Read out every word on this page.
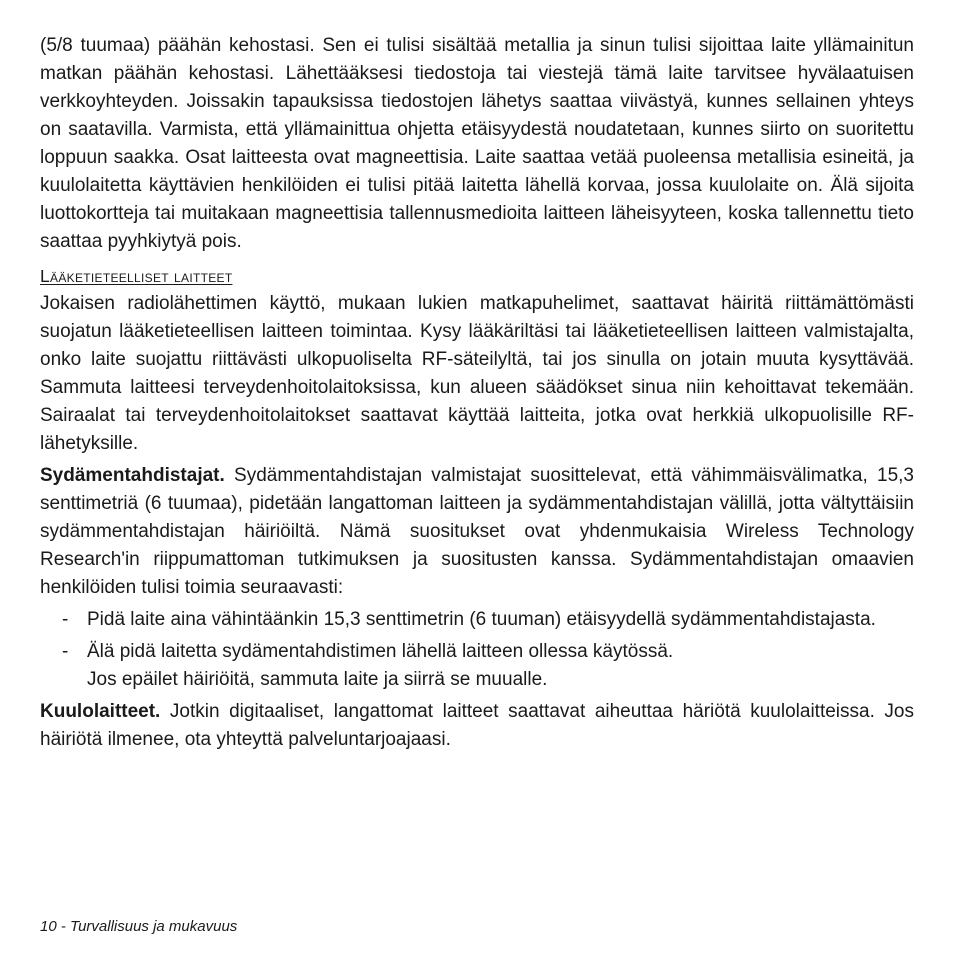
(5/8 tuumaa) päähän kehostasi. Sen ei tulisi sisältää metallia ja sinun tulisi sijoittaa laite yllämainitun matkan päähän kehostasi. Lähettääksesi tiedostoja tai viestejä tämä laite tarvitsee hyvälaatuisen verkkoyhteyden. Joissakin tapauksissa tiedostojen lähetys saattaa viivästyä, kunnes sellainen yhteys on saatavilla. Varmista, että yllämainittua ohjetta etäisyydestä noudatetaan, kunnes siirto on suoritettu loppuun saakka. Osat laitteesta ovat magneettisia. Laite saattaa vetää puoleensa metallisia esineitä, ja kuulolaitetta käyttävien henkilöiden ei tulisi pitää laitetta lähellä korvaa, jossa kuulolaite on. Älä sijoita luottokortteja tai muitakaan magneettisia tallennusmedioita laitteen läheisyyteen, koska tallennettu tieto saattaa pyyhkiytyä pois.

Lääketieteelliset laitteet

Jokaisen radiolähettimen käyttö, mukaan lukien matkapuhelimet, saattavat häiritä riittämättömästi suojatun lääketieteellisen laitteen toimintaa. Kysy lääkäriltäsi tai lääketieteellisen laitteen valmistajalta, onko laite suojattu riittävästi ulkopuoliselta RF-säteilyltä, tai jos sinulla on jotain muuta kysyttävää. Sammuta laitteesi terveydenhoitolaitoksissa, kun alueen säädökset sinua niin kehoittavat tekemään. Sairaalat tai terveydenhoitolaitokset saattavat käyttää laitteita, jotka ovat herkkiä ulkopuolisille RF-lähetyksille.

Sydämentahdistajat. Sydämmentahdistajan valmistajat suosittelevat, että vähimmäisvälimatka, 15,3 senttimetriä (6 tuumaa), pidetään langattoman laitteen ja sydämmentahdistajan välillä, jotta vältyttäisiin sydämmentahdistajan häiriöiltä. Nämä suositukset ovat yhdenmukaisia Wireless Technology Research'in riippumattoman tutkimuksen ja suositusten kanssa. Sydämmentahdistajan omaavien henkilöiden tulisi toimia seuraavasti:

- Pidä laite aina vähintäänkin 15,3 senttimetrin (6 tuuman) etäisyydellä sydämmentahdistajasta.
- Älä pidä laitetta sydämentahdistimen lähellä laitteen ollessa käytössä.
Jos epäilet häiriöitä, sammuta laite ja siirrä se muualle.

Kuulolaitteet. Jotkin digitaaliset, langattomat laitteet saattavat aiheuttaa häriötä kuulolaitteissa. Jos häiriötä ilmenee, ota yhteyttä palveluntarjoajaasi.

10 - Turvallisuus ja mukavuus
